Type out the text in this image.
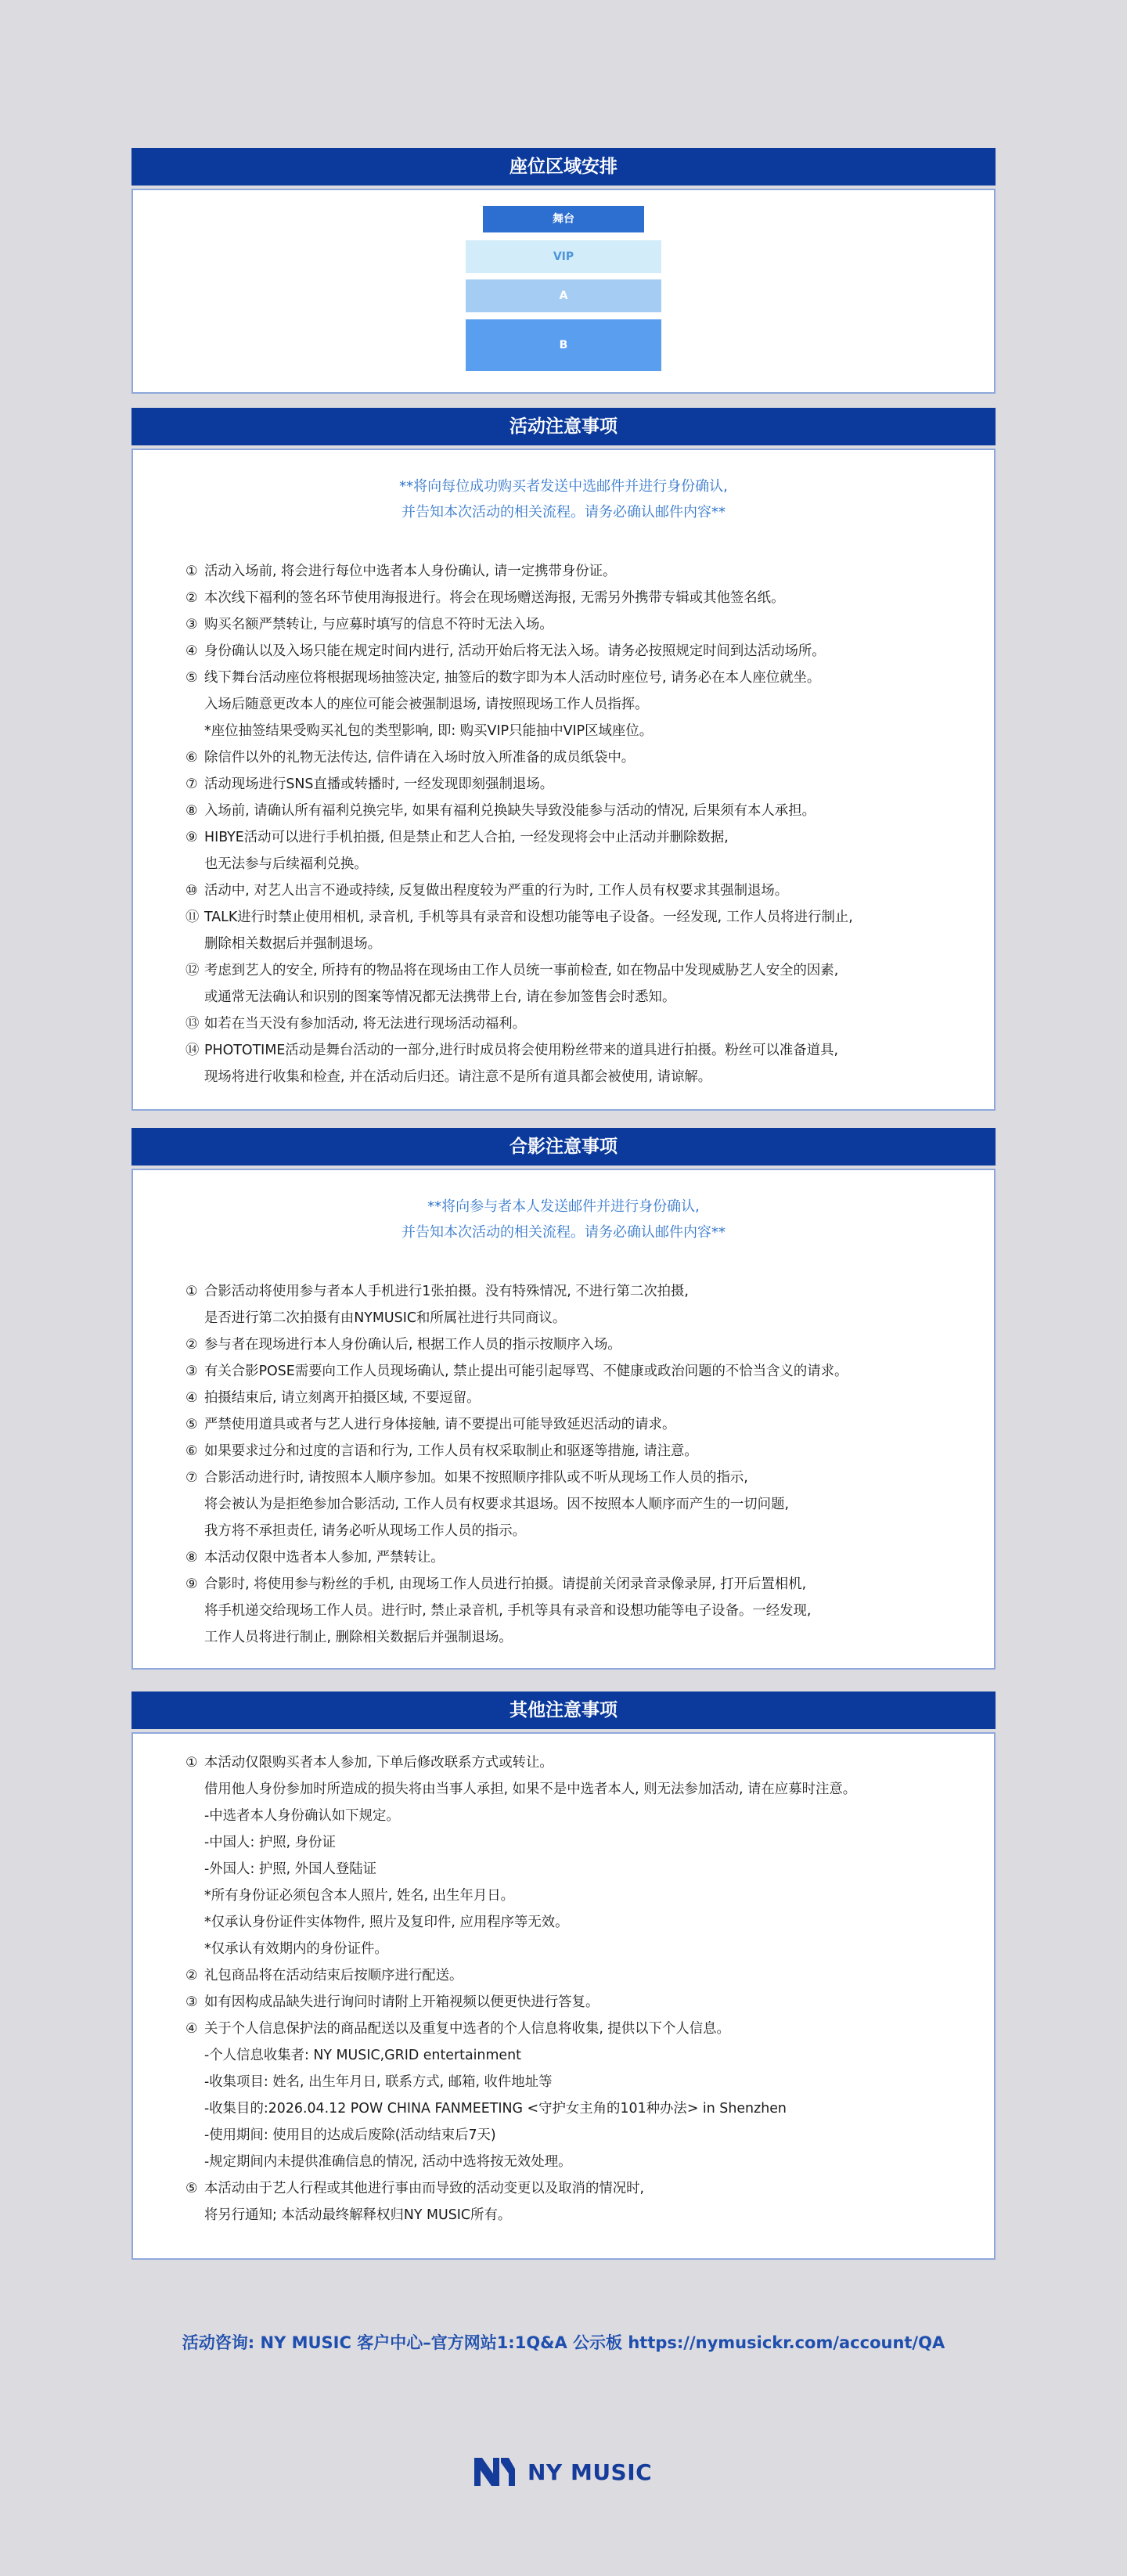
座位区域安排
舞台
VIP
A
B
活动注意事项
**将向每位成功购买者发送中选邮件并进行身份确认,
并告知本次活动的相关流程。请务必确认邮件内容**
① 活动入场前, 将会进行每位中选者本人身份确认, 请一定携带身份证。
② 本次线下福利的签名环节使用海报进行。将会在现场赠送海报, 无需另外携带专辑或其他签名纸。
③ 购买名额严禁转让, 与应募时填写的信息不符时无法入场。
④ 身份确认以及入场只能在规定时间内进行, 活动开始后将无法入场。请务必按照规定时间到达活动场所。
⑤ 线下舞台活动座位将根据现场抽签决定, 抽签后的数字即为本人活动时座位号, 请务必在本人座位就坐。
入场后随意更改本人的座位可能会被强制退场, 请按照现场工作人员指挥。
*座位抽签结果受购买礼包的类型影响, 即: 购买VIP只能抽中VIP区域座位。
⑥ 除信件以外的礼物无法传达, 信件请在入场时放入所准备的成员纸袋中。
⑦ 活动现场进行SNS直播或转播时, 一经发现即刻强制退场。
⑧ 入场前, 请确认所有福利兑换完毕, 如果有福利兑换缺失导致没能参与活动的情况, 后果须有本人承担。
⑨ HIBYE活动可以进行手机拍摄, 但是禁止和艺人合拍, 一经发现将会中止活动并删除数据,
也无法参与后续福利兑换。
⑩ 活动中, 对艺人出言不逊或持续, 反复做出程度较为严重的行为时, 工作人员有权要求其强制退场。
⑪ TALK进行时禁止使用相机, 录音机, 手机等具有录音和设想功能等电子设备。一经发现, 工作人员将进行制止,
删除相关数据后并强制退场。
⑫ 考虑到艺人的安全, 所持有的物品将在现场由工作人员统一事前检查, 如在物品中发现威胁艺人安全的因素,
或通常无法确认和识别的图案等情况都无法携带上台, 请在参加签售会时悉知。
⑬ 如若在当天没有参加活动, 将无法进行现场活动福利。
⑭ PHOTOTIME活动是舞台活动的一部分,进行时成员将会使用粉丝带来的道具进行拍摄。粉丝可以准备道具,
现场将进行收集和检查, 并在活动后归还。请注意不是所有道具都会被使用, 请谅解。
合影注意事项
**将向参与者本人发送邮件并进行身份确认,
并告知本次活动的相关流程。请务必确认邮件内容**
① 合影活动将使用参与者本人手机进行1张拍摄。没有特殊情况, 不进行第二次拍摄,
是否进行第二次拍摄有由NYMUSIC和所属社进行共同商议。
② 参与者在现场进行本人身份确认后, 根据工作人员的指示按顺序入场。
③ 有关合影POSE需要向工作人员现场确认, 禁止提出可能引起辱骂、不健康或政治问题的不恰当含义的请求。
④ 拍摄结束后, 请立刻离开拍摄区域, 不要逗留。
⑤ 严禁使用道具或者与艺人进行身体接触, 请不要提出可能导致延迟活动的请求。
⑥ 如果要求过分和过度的言语和行为, 工作人员有权采取制止和驱逐等措施, 请注意。
⑦ 合影活动进行时, 请按照本人顺序参加。如果不按照顺序排队或不听从现场工作人员的指示,
将会被认为是拒绝参加合影活动, 工作人员有权要求其退场。因不按照本人顺序而产生的一切问题,
我方将不承担责任, 请务必听从现场工作人员的指示。
⑧ 本活动仅限中选者本人参加, 严禁转让。
⑨ 合影时, 将使用参与粉丝的手机, 由现场工作人员进行拍摄。请提前关闭录音录像录屏, 打开后置相机,
将手机递交给现场工作人员。进行时, 禁止录音机, 手机等具有录音和设想功能等电子设备。一经发现,
工作人员将进行制止, 删除相关数据后并强制退场。
其他注意事项
① 本活动仅限购买者本人参加, 下单后修改联系方式或转让。
借用他人身份参加时所造成的损失将由当事人承担, 如果不是中选者本人, 则无法参加活动, 请在应募时注意。
-中选者本人身份确认如下规定。
-中国人: 护照, 身份证
-外国人: 护照, 外国人登陆证
*所有身份证必须包含本人照片, 姓名, 出生年月日。
*仅承认身份证件实体物件, 照片及复印件, 应用程序等无效。
*仅承认有效期内的身份证件。
② 礼包商品将在活动结束后按顺序进行配送。
③ 如有因构成品缺失进行询问时请附上开箱视频以便更快进行答复。
④ 关于个人信息保护法的商品配送以及重复中选者的个人信息将收集, 提供以下个人信息。
-个人信息收集者: NY MUSIC,GRID entertainment
-收集项目: 姓名, 出生年月日, 联系方式, 邮箱, 收件地址等
-收集目的:2026.04.12 POW CHINA FANMEETING <守护女主角的101种办法> in Shenzhen
-使用期间: 使用目的达成后废除(活动结束后7天)
-规定期间内未提供准确信息的情况, 活动中选将按无效处理。
⑤ 本活动由于艺人行程或其他进行事由而导致的活动变更以及取消的情况时,
将另行通知; 本活动最终解释权归NY MUSIC所有。
活动咨询: NY MUSIC 客户中心–官方网站1:1Q&A 公示板 https://nymusickr.com/account/QA
NY MUSIC
